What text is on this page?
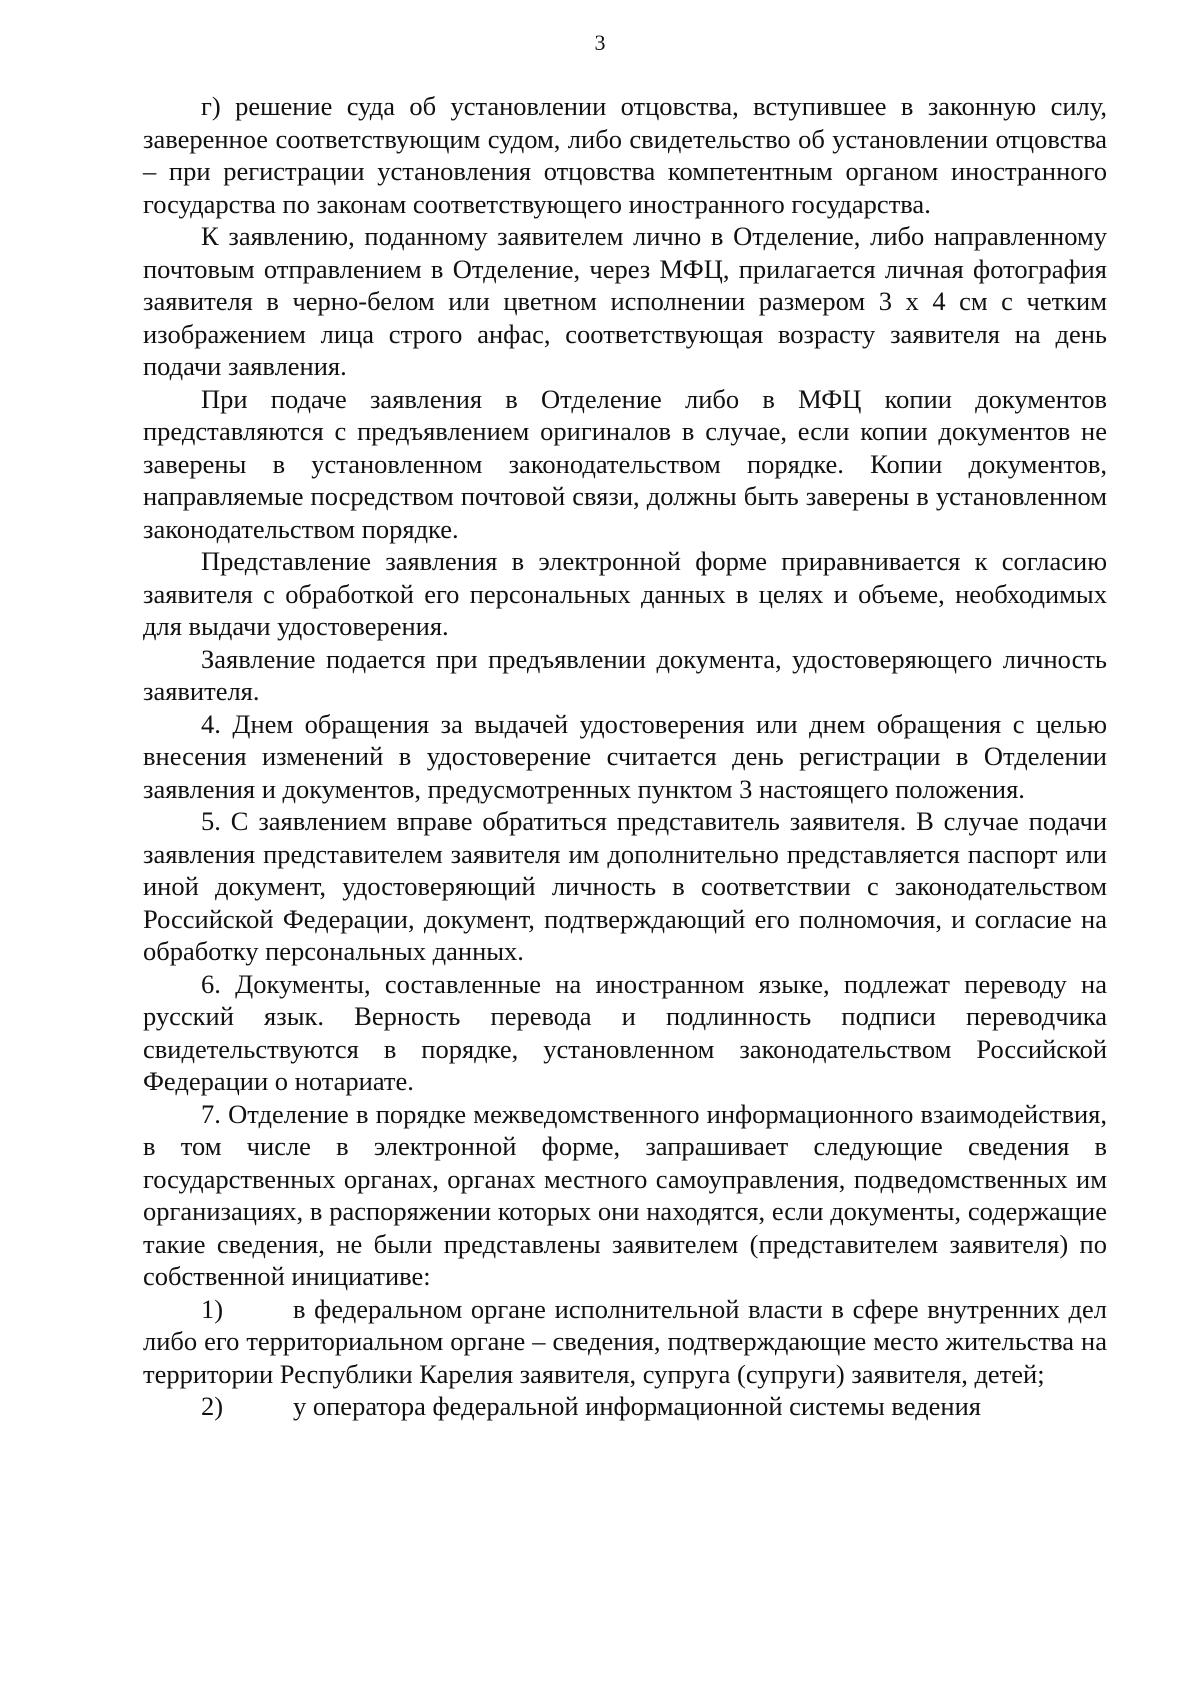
3

г) решение суда об установлении отцовства, вступившее в законную силу, заверенное соответствующим судом, либо свидетельство об установлении отцовства – при регистрации установления отцовства компетентным органом иностранного государства по законам соответствующего иностранного государства.

К заявлению, поданному заявителем лично в Отделение, либо направленному почтовым отправлением в Отделение, через МФЦ, прилагается личная фотография заявителя в черно-белом или цветном исполнении размером 3 х 4 см с четким изображением лица строго анфас, соответствующая возрасту заявителя на день подачи заявления.

При подаче заявления в Отделение либо в МФЦ копии документов представляются с предъявлением оригиналов в случае, если копии документов не заверены в установленном законодательством порядке. Копии документов, направляемые посредством почтовой связи, должны быть заверены в установленном законодательством порядке.

Представление заявления в электронной форме приравнивается к согласию заявителя с обработкой его персональных данных в целях и объеме, необходимых для выдачи удостоверения.

Заявление подается при предъявлении документа, удостоверяющего личность заявителя.

4. Днем обращения за выдачей удостоверения или днем обращения с целью внесения изменений в удостоверение считается день регистрации в Отделении заявления и документов, предусмотренных пунктом 3 настоящего положения.

5. С заявлением вправе обратиться представитель заявителя. В случае подачи заявления представителем заявителя им дополнительно представляется паспорт или иной документ, удостоверяющий личность в соответствии с законодательством Российской Федерации, документ, подтверждающий его полномочия, и согласие на обработку персональных данных.

6. Документы, составленные на иностранном языке, подлежат переводу на русский язык. Верность перевода и подлинность подписи переводчика свидетельствуются в порядке, установленном законодательством Российской Федерации о нотариате.

7. Отделение в порядке межведомственного информационного взаимодействия, в том числе в электронной форме, запрашивает следующие сведения в государственных органах, органах местного самоуправления, подведомственных им организациях, в распоряжении которых они находятся, если документы, содержащие такие сведения, не были представлены заявителем (представителем заявителя) по собственной инициативе:

1)	в федеральном органе исполнительной власти в сфере внутренних дел либо его территориальном органе – сведения, подтверждающие место жительства на территории Республики Карелия заявителя, супруга (супруги) заявителя, детей;

2)	у оператора федеральной информационной системы ведения
